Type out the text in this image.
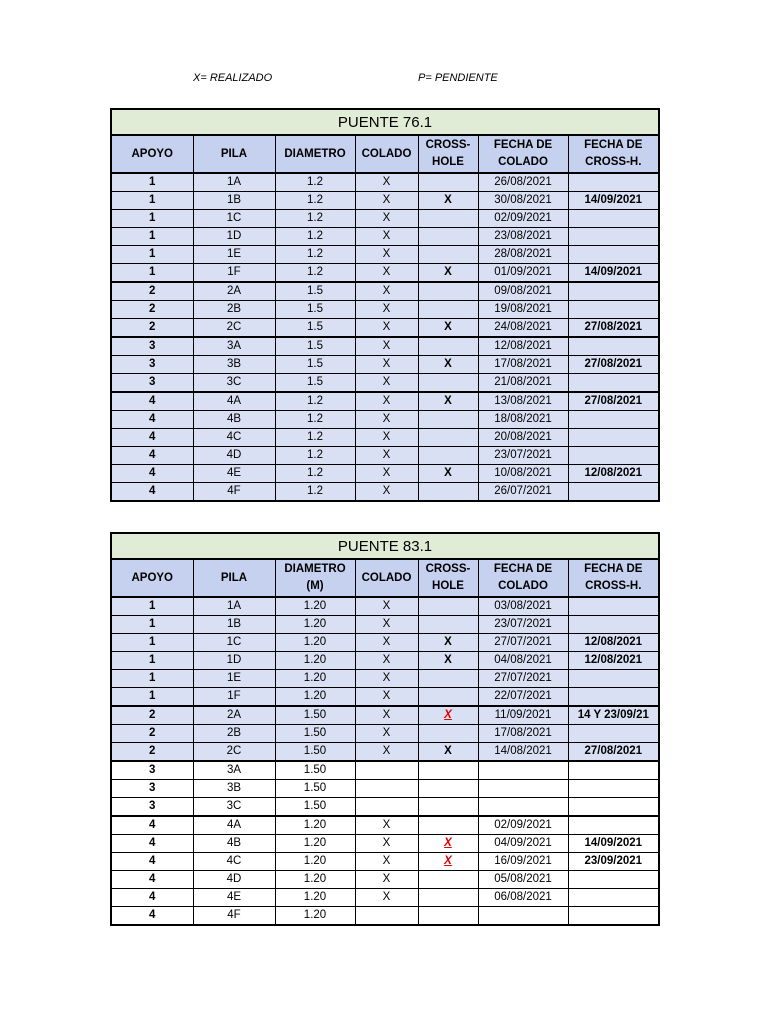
X= REALIZADO	P= PENDIENTE
PUENTE 76.1						
APOYO	PILA	DIAMETRO	COLADO	CROSS-HOLE	FECHA DE COLADO	FECHA DE CROSS-H.
1	1A	1.2	X		26/08/2021	
1	1B	1.2	X	X	30/08/2021	14/09/2021
1	1C	1.2	X		02/09/2021	
1	1D	1.2	X		23/08/2021	
1	1E	1.2	X		28/08/2021	
1	1F	1.2	X	X	01/09/2021	14/09/2021
2	2A	1.5	X		09/08/2021	
2	2B	1.5	X		19/08/2021	
2	2C	1.5	X	X	24/08/2021	27/08/2021
3	3A	1.5	X		12/08/2021	
3	3B	1.5	X	X	17/08/2021	27/08/2021
3	3C	1.5	X		21/08/2021	
4	4A	1.2	X	X	13/08/2021	27/08/2021
4	4B	1.2	X		18/08/2021	
4	4C	1.2	X		20/08/2021	
4	4D	1.2	X		23/07/2021	
4	4E	1.2	X	X	10/08/2021	12/08/2021
4	4F	1.2	X		26/07/2021	
PUENTE 83.1						
APOYO	PILA	DIAMETRO (M)	COLADO	CROSS-HOLE	FECHA DE COLADO	FECHA DE CROSS-H.
1	1A	1.20	X		03/08/2021	
1	1B	1.20	X		23/07/2021	
1	1C	1.20	X	X	27/07/2021	12/08/2021
1	1D	1.20	X	X	04/08/2021	12/08/2021
1	1E	1.20	X		27/07/2021	
1	1F	1.20	X		22/07/2021	
2	2A	1.50	X	X	11/09/2021	14 Y 23/09/21
2	2B	1.50	X		17/08/2021	
2	2C	1.50	X	X	14/08/2021	27/08/2021
3	3A	1.50				
3	3B	1.50				
3	3C	1.50				
4	4A	1.20	X		02/09/2021	
4	4B	1.20	X	X	04/09/2021	14/09/2021
4	4C	1.20	X	X	16/09/2021	23/09/2021
4	4D	1.20	X		05/08/2021	
4	4E	1.20	X		06/08/2021	
4	4F	1.20				
